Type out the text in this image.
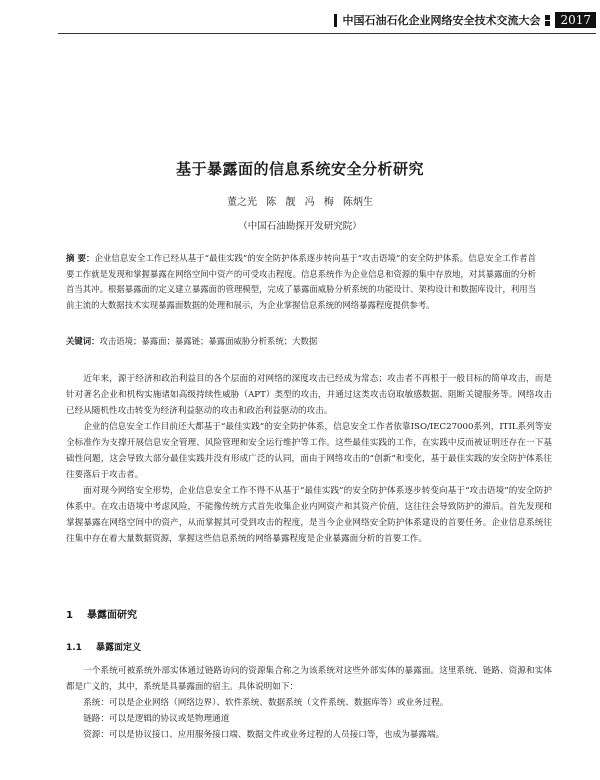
中国石油石化企业网络安全技术交流大会	2017
基于暴露面的信息系统安全分析研究
董之光 陈 靓 冯 梅 陈炳生
（中国石油勘探开发研究院）
摘 要：企业信息安全工作已经从基于“最佳实践”的安全防护体系逐步转向基于“攻击语境”的安全防护体系。信息安全工作者首要工作就是发现和掌握暴露在网络空间中资产的可受攻击程度。信息系统作为企业信息和资源的集中存放地，对其暴露面的分析首当其冲。根据暴露面的定义建立暴露面的管理模型，完成了暴露面威胁分析系统的功能设计、架构设计和数据库设计，利用当前主流的大数据技术实现暴露面数据的处理和展示，为企业掌握信息系统的网络暴露程度提供参考。
关键词：攻击语境；暴露面；暴露链；暴露面威胁分析系统；大数据

近年来，源于经济和政治利益目的各个层面的对网络的深度攻击已经成为常态；攻击者不再根于一般目标的简单攻击，而是针对著名企业和机构实施诸如高级持续性威胁（APT）类型的攻击，并通过这类攻击窃取敏感数据、阻断关键服务等。网络攻击已经从随机性攻击转变为经济利益驱动的攻击和政治利益驱动的攻击。

企业的信息安全工作目前还大都基于“最佳实践”的安全防护体系，信息安全工作者依靠ISO/IEC27000系列，ITIL系列等安全标准作为支撑开展信息安全管理、风险管理和安全运行维护等工作。这些最佳实践的工作，在实践中反而被证明还存在一下基础性问题，这会导致大部分最佳实践并没有形成广泛的认同，面由于网络攻击的“创新”和变化，基于最佳实践的安全防护体系往往要落后于攻击者。

面对现今网络安全形势，企业信息安全工作不得不从基于“最佳实践”的安全防护体系逐步转变向基于“攻击语境”的安全防护体系中。在攻击语境中考虑风险，不能像传统方式首先收集企业内网资产和其资产价值，这往往会导致防护的滞后。首先发现和掌握暴露在网络空间中的资产，从而掌握其可受到攻击的程度，是当今企业网络安全防护体系建设的首要任务。企业信息系统往往集中存在着大量数据资源，掌握这些信息系统的网络暴露程度是企业暴露面分析的首要工作。

1 暴露面研究
1.1 暴露面定义

一个系统可被系统外部实体通过链路访问的资源集合称之为该系统对这些外部实体的暴露面。这里系统、链路、资源和实体都是广义的，其中，系统是具暴露面的宿主。具体说明如下：

系统：可以是企业网络（网络边界）、软件系统、数据系统（文件系统、数据库等）或业务过程。

链路：可以是逻辑的协议或是物理通道

资源：可以是协议接口、应用服务接口端、数据文件或业务过程的人员接口等，也成为暴露端。
